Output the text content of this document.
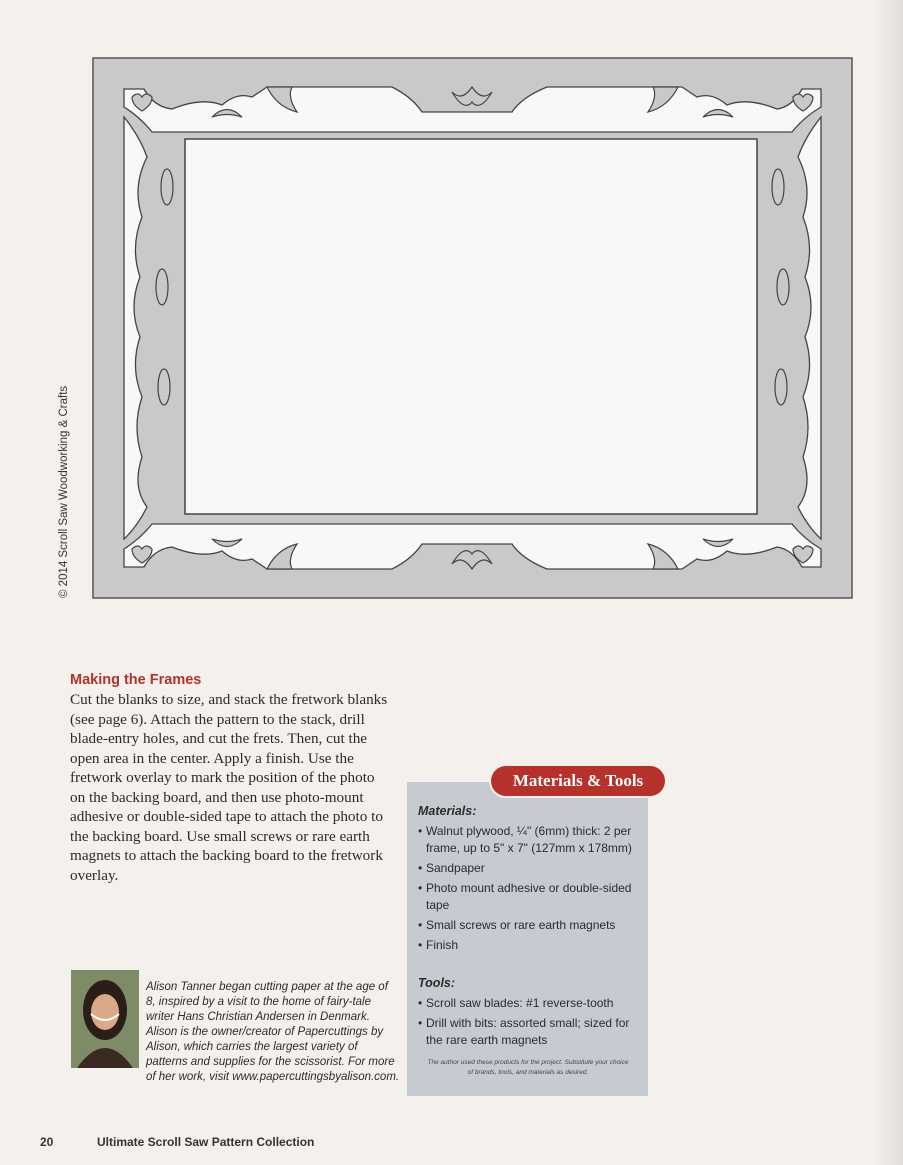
© 2014 Scroll Saw Woodworking & Crafts
Making the Frames

Cut the blanks to size, and stack the fretwork blanks (see page 6). Attach the pattern to the stack, drill blade-entry holes, and cut the frets. Then, cut the open area in the center. Apply a finish. Use the fretwork overlay to mark the position of the photo on the backing board, and then use photo-mount adhesive or double-sided tape to attach the photo to the backing board. Use small screws or rare earth magnets to attach the backing board to the fretwork overlay.

Materials & Tools

Materials:

• Walnut plywood, ¼" (6mm) thick: 2 per frame, up to 5" x 7" (127mm x 178mm)
• Sandpaper
• Photo mount adhesive or double-sided tape
• Small screws or rare earth magnets
• Finish

Tools:

• Scroll saw blades: #1 reverse-tooth
• Drill with bits: assorted small; sized for the rare earth magnets

The author used these products for the project. Substitute your choice of brands, tools, and materials as desired.

Alison Tanner began cutting paper at the age of 8, inspired by a visit to the home of fairy-tale writer Hans Christian Andersen in Denmark. Alison is the owner/creator of Papercuttings by Alison, which carries the largest variety of patterns and supplies for the scissorist. For more of her work, visit www.papercuttingsbyalison.com.

20	Ultimate Scroll Saw Pattern Collection
